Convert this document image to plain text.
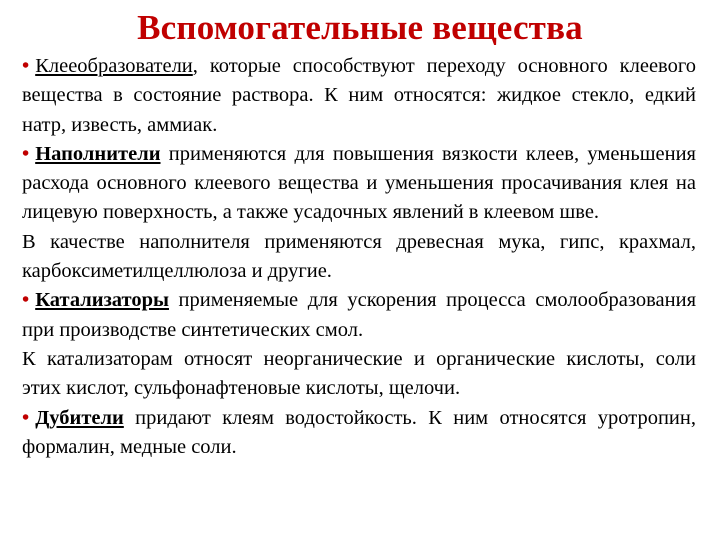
Вспомогательные вещества

• Клееобразователи, которые способствуют переходу основного клеевого вещества в состояние раствора. К ним относятся: жидкое стекло, едкий натр, известь, аммиак.

• Наполнители применяются для повышения вязкости клеев, уменьшения расхода основного клеевого вещества и уменьшения просачивания клея на лицевую поверхность, а также усадочных явлений в клеевом шве.

В качестве наполнителя применяются древесная мука, гипс, крахмал, карбоксиметилцеллюлоза и другие.

• Катализаторы применяемые для ускорения процесса смолообразования при производстве синтетических смол.

К катализаторам относят неорганические и органические кислоты, соли этих кислот, сульфонафтеновые кислоты, щелочи.

• Дубители придают клеям водостойкость. К ним относятся уротропин, формалин, медные соли.
